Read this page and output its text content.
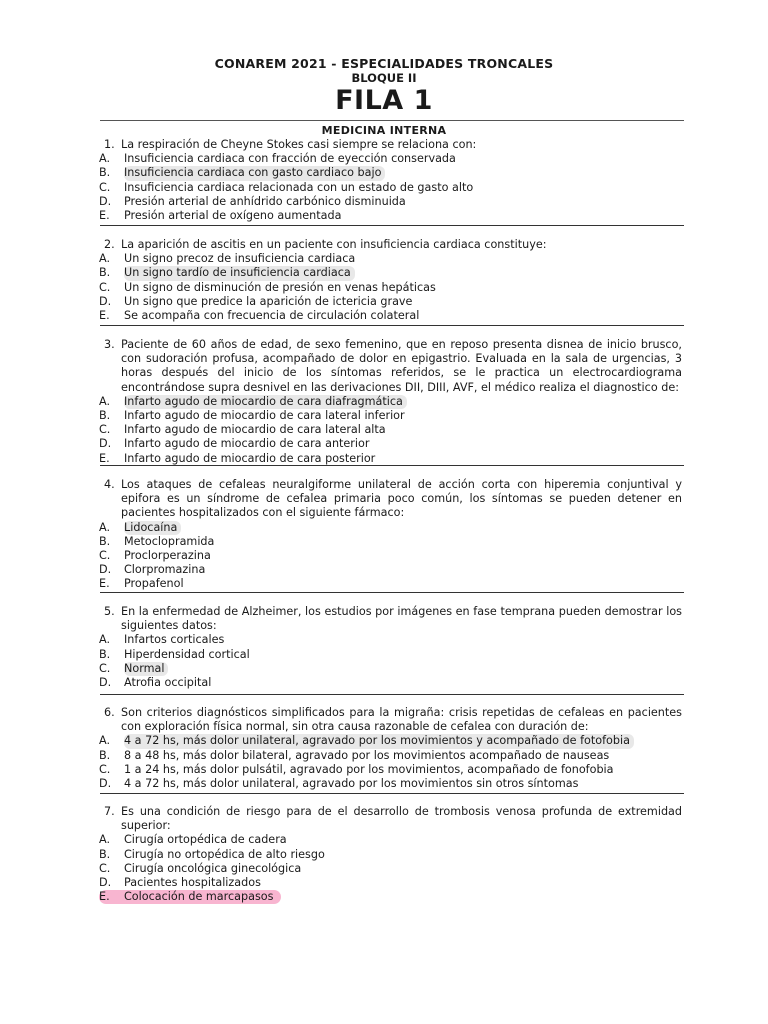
CONAREM 2021 - ESPECIALIDADES TRONCALES
BLOQUE II
FILA 1
MEDICINA INTERNA
1. La respiración de Cheyne Stokes casi siempre se relaciona con:
A.	Insuficiencia cardiaca con fracción de eyección conservada
B.	Insuficiencia cardiaca con gasto cardiaco bajo
C.	Insuficiencia cardiaca relacionada con un estado de gasto alto
D.	Presión arterial de anhídrido carbónico disminuida
E.	Presión arterial de oxígeno aumentada
2. La aparición de ascitis en un paciente con insuficiencia cardiaca constituye:
A.	Un signo precoz de insuficiencia cardiaca
B.	Un signo tardío de insuficiencia cardiaca
C.	Un signo de disminución de presión en venas hepáticas
D.	Un signo que predice la aparición de ictericia grave
E.	Se acompaña con frecuencia de circulación colateral
3. Paciente de 60 años de edad, de sexo femenino, que en reposo presenta disnea de inicio brusco, con sudoración profusa, acompañado de dolor en epigastrio. Evaluada en la sala de urgencias, 3 horas después del inicio de los síntomas referidos, se le practica un electrocardiograma encontrándose supra desnivel en las derivaciones DII, DIII, AVF, el médico realiza el diagnostico de:
A.	Infarto agudo de miocardio de cara diafragmática
B.	Infarto agudo de miocardio de cara lateral inferior
C.	Infarto agudo de miocardio de cara lateral alta
D.	Infarto agudo de miocardio de cara anterior
E.	Infarto agudo de miocardio de cara posterior
4. Los ataques de cefaleas neuralgiforme unilateral de acción corta con hiperemia conjuntival y epifora es un síndrome de cefalea primaria poco común, los síntomas se pueden detener en pacientes hospitalizados con el siguiente fármaco:
A.	Lidocaína
B.	Metoclopramida
C.	Proclorperazina
D.	Clorpromazina
E.	Propafenol
5. En la enfermedad de Alzheimer, los estudios por imágenes en fase temprana pueden demostrar los siguientes datos:
A.	Infartos corticales
B.	Hiperdensidad cortical
C.	Normal
D.	Atrofia occipital
6. Son criterios diagnósticos simplificados para la migraña: crisis repetidas de cefaleas en pacientes con exploración física normal, sin otra causa razonable de cefalea con duración de:
A.	4 a 72 hs, más dolor unilateral, agravado por los movimientos y acompañado de fotofobia
B.	8 a 48 hs, más dolor bilateral, agravado por los movimientos acompañado de nauseas
C.	1 a 24 hs, más dolor pulsátil, agravado por los movimientos, acompañado de fonofobia
D.	4 a 72 hs, más dolor unilateral, agravado por los movimientos sin otros síntomas
7. Es una condición de riesgo para de el desarrollo de trombosis venosa profunda de extremidad superior:
A.	Cirugía ortopédica de cadera
B.	Cirugía no ortopédica de alto riesgo
C.	Cirugía oncológica ginecológica
D.	Pacientes hospitalizados
E.	Colocación de marcapasos
